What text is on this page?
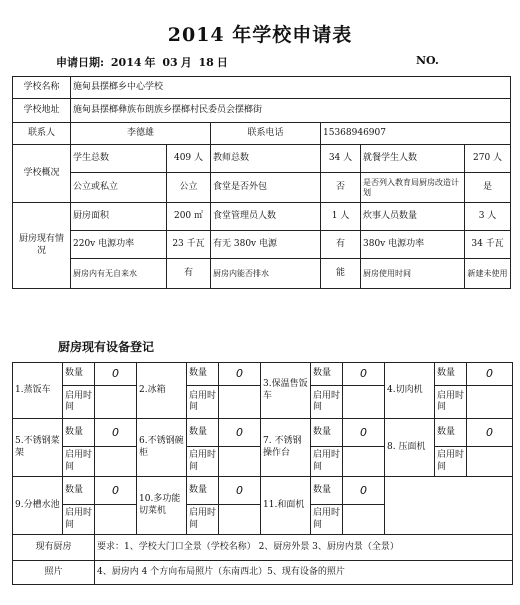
2014 年学校申请表
申请日期: 2014 年 03 月 18 日	NO.
学校名称	施甸县摆榔乡中心学校					
学校地址	施甸县摆榔彝族布朗族乡摆榔村民委员会摆榔街					
联系人	李德雄		联系电话	15368946907		
学校概况	学生总数	409 人	教师总数	34 人	就餐学生人数	270 人
	公立或私立	公立	食堂是否外包	否	是否列入教育局厨房改造计划	是
厨房现有情况	厨房面积	200 ㎡	食堂管理员人数	1 人	炊事人员数量	3 人
	220v 电源功率	23 千瓦	有无 380v 电源	有	380v 电源功率	34 千瓦
	厨房内有无自来水	有	厨房内能否排水	能	厨房使用时间	新建未使用
厨房现有设备登记
1.蒸饭车	数量	0	2.冰箱	数量	0	3.保温售饭车	数量	0	4.切肉机	数量	0
	启用时间			启用时间			启用时间			启用时间	
5.不锈钢菜架	数量	0	6.不锈钢碗柜	数量	0	7. 不锈钢操作台	数量	0	8. 压面机	数量	0
	启用时间			启用时间			启用时间			启用时间	
9.分槽水池	数量	0	10.多功能切菜机	数量	0	11.和面机	数量	0			
	启用时间			启用时间			启用时间				
现有厨房		要求：1、学校大门口全景（学校名称） 2、厨房外景 3、厨房内景（全景）									
照片		4、厨房内 4 个方向布局照片（东南西北）5、现有设备的照片									
